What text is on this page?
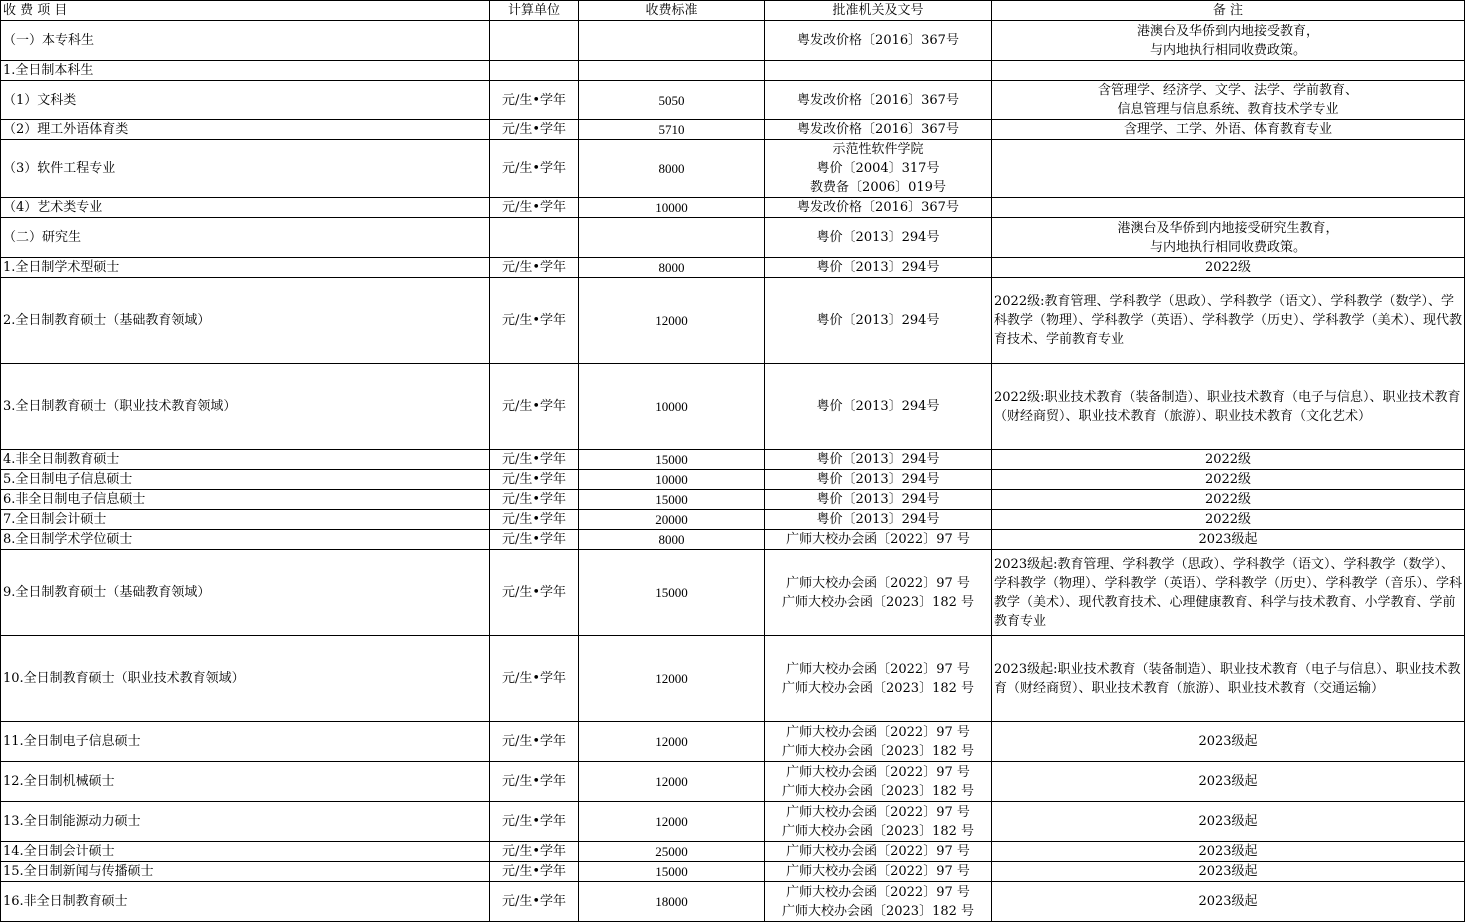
收 费 项 目	计算单位	收费标准	批准机关及文号	备 注
（一）本专科生			粤发改价格〔2016〕367号	港澳台及华侨到内地接受教育，
与内地执行相同收费政策。
1.全日制本科生				
（1）文科类	元/生•学年	5050	粤发改价格〔2016〕367号	含管理学、经济学、文学、法学、学前教育、
信息管理与信息系统、教育技术学专业
（2）理工外语体育类	元/生•学年	5710	粤发改价格〔2016〕367号	含理学、工学、外语、体育教育专业
（3）软件工程专业	元/生•学年	8000	示范性软件学院
粤价〔2004〕317号
教费备〔2006〕019号	
（4）艺术类专业	元/生•学年	10000	粤发改价格〔2016〕367号	
（二）研究生			粤价〔2013〕294号	港澳台及华侨到内地接受研究生教育，
与内地执行相同收费政策。
1.全日制学术型硕士	元/生•学年	8000	粤价〔2013〕294号	2022级
2.全日制教育硕士（基础教育领域）	元/生•学年	12000	粤价〔2013〕294号	2022级:教育管理、学科教学（思政）、学科教学（语文）、学科教学（数学）、学科教学（物理）、学科教学（英语）、学科教学（历史）、学科教学（美术）、现代教育技术、学前教育专业
3.全日制教育硕士（职业技术教育领域）	元/生•学年	10000	粤价〔2013〕294号	2022级:职业技术教育（装备制造）、职业技术教育（电子与信息）、职业技术教育（财经商贸）、职业技术教育（旅游）、职业技术教育（文化艺术）
4.非全日制教育硕士	元/生•学年	15000	粤价〔2013〕294号	2022级
5.全日制电子信息硕士	元/生•学年	10000	粤价〔2013〕294号	2022级
6.非全日制电子信息硕士	元/生•学年	15000	粤价〔2013〕294号	2022级
7.全日制会计硕士	元/生•学年	20000	粤价〔2013〕294号	2022级
8.全日制学术学位硕士	元/生•学年	8000	广师大校办会函〔2022〕97 号	2023级起
9.全日制教育硕士（基础教育领域）	元/生•学年	15000	广师大校办会函〔2022〕97 号
广师大校办会函〔2023〕182 号	2023级起:教育管理、学科教学（思政）、学科教学（语文）、学科教学（数学）、学科教学（物理）、学科教学（英语）、学科教学（历史）、学科教学（音乐）、学科教学（美术）、现代教育技术、心理健康教育、科学与技术教育、小学教育、学前教育专业
10.全日制教育硕士（职业技术教育领域）	元/生•学年	12000	广师大校办会函〔2022〕97 号
广师大校办会函〔2023〕182 号	2023级起:职业技术教育（装备制造）、职业技术教育（电子与信息）、职业技术教育（财经商贸）、职业技术教育（旅游）、职业技术教育（交通运输）
11.全日制电子信息硕士	元/生•学年	12000	广师大校办会函〔2022〕97 号
广师大校办会函〔2023〕182 号	2023级起
12.全日制机械硕士	元/生•学年	12000	广师大校办会函〔2022〕97 号
广师大校办会函〔2023〕182 号	2023级起
13.全日制能源动力硕士	元/生•学年	12000	广师大校办会函〔2022〕97 号
广师大校办会函〔2023〕182 号	2023级起
14.全日制会计硕士	元/生•学年	25000	广师大校办会函〔2022〕97 号	2023级起
15.全日制新闻与传播硕士	元/生•学年	15000	广师大校办会函〔2022〕97 号	2023级起
16.非全日制教育硕士	元/生•学年	18000	广师大校办会函〔2022〕97 号
广师大校办会函〔2023〕182 号	2023级起
